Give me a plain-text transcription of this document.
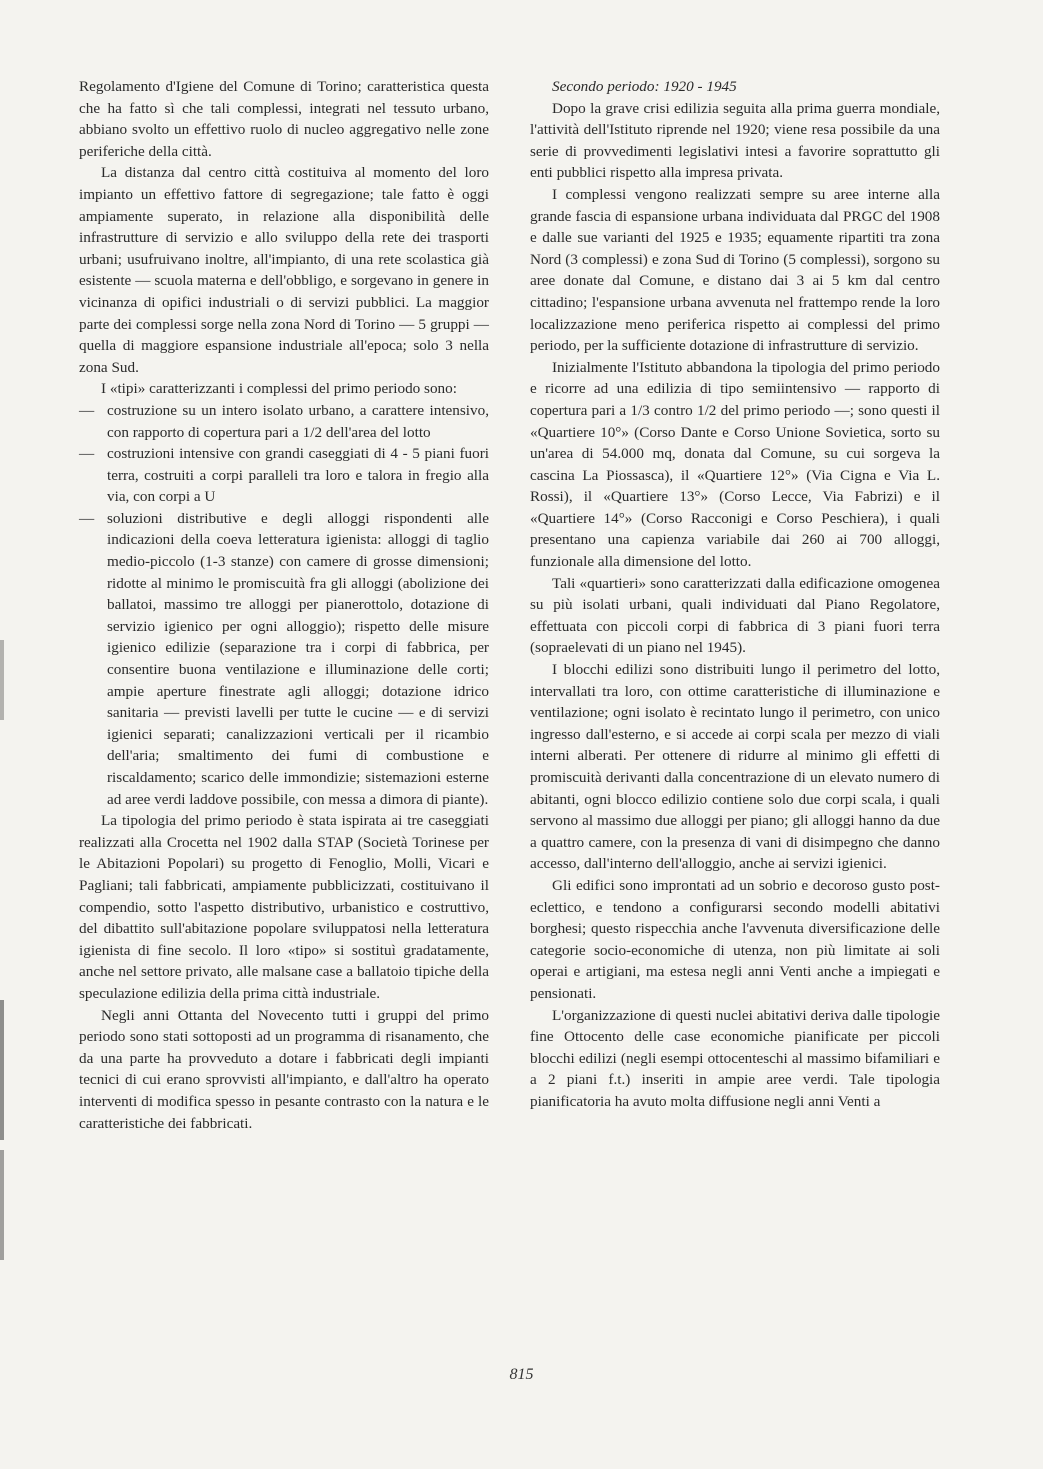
Regolamento d'Igiene del Comune di Torino; caratteristica questa che ha fatto sì che tali complessi, integrati nel tessuto urbano, abbiano svolto un effettivo ruolo di nucleo aggregativo nelle zone periferiche della città.

La distanza dal centro città costituiva al momento del loro impianto un effettivo fattore di segregazione; tale fatto è oggi ampiamente superato, in relazione alla disponibilità delle infrastrutture di servizio e allo sviluppo della rete dei trasporti urbani; usufruivano inoltre, all'impianto, di una rete scolastica già esistente — scuola materna e dell'obbligo, e sorgevano in genere in vicinanza di opifici industriali o di servizi pubblici. La maggior parte dei complessi sorge nella zona Nord di Torino — 5 gruppi — quella di maggiore espansione industriale all'epoca; solo 3 nella zona Sud.

I «tipi» caratterizzanti i complessi del primo periodo sono:

— costruzione su un intero isolato urbano, a carattere intensivo, con rapporto di copertura pari a 1/2 dell'area del lotto
— costruzioni intensive con grandi caseggiati di 4 - 5 piani fuori terra, costruiti a corpi paralleli tra loro e talora in fregio alla via, con corpi a U
— soluzioni distributive e degli alloggi rispondenti alle indicazioni della coeva letteratura igienista: alloggi di taglio medio-piccolo (1-3 stanze) con camere di grosse dimensioni; ridotte al minimo le promiscuità fra gli alloggi (abolizione dei ballatoi, massimo tre alloggi per pianerottolo, dotazione di servizio igienico per ogni alloggio); rispetto delle misure igienico edilizie (separazione tra i corpi di fabbrica, per consentire buona ventilazione e illuminazione delle corti; ampie aperture finestrate agli alloggi; dotazione idrico sanitaria — previsti lavelli per tutte le cucine — e di servizi igienici separati; canalizzazioni verticali per il ricambio dell'aria; smaltimento dei fumi di combustione e riscaldamento; scarico delle immondizie; sistemazioni esterne ad aree verdi laddove possibile, con messa a dimora di piante).

La tipologia del primo periodo è stata ispirata ai tre caseggiati realizzati alla Crocetta nel 1902 dalla STAP (Società Torinese per le Abitazioni Popolari) su progetto di Fenoglio, Molli, Vicari e Pagliani; tali fabbricati, ampiamente pubblicizzati, costituivano il compendio, sotto l'aspetto distributivo, urbanistico e costruttivo, del dibattito sull'abitazione popolare sviluppatosi nella letteratura igienista di fine secolo. Il loro «tipo» si sostituì gradatamente, anche nel settore privato, alle malsane case a ballatoio tipiche della speculazione edilizia della prima città industriale.

Negli anni Ottanta del Novecento tutti i gruppi del primo periodo sono stati sottoposti ad un programma di risanamento, che da una parte ha provveduto a dotare i fabbricati degli impianti tecnici di cui erano sprovvisti all'impianto, e dall'altro ha operato interventi di modifica spesso in pesante contrasto con la natura e le caratteristiche dei fabbricati.

Secondo periodo: 1920 - 1945

Dopo la grave crisi edilizia seguita alla prima guerra mondiale, l'attività dell'Istituto riprende nel 1920; viene resa possibile da una serie di provvedimenti legislativi intesi a favorire soprattutto gli enti pubblici rispetto alla impresa privata.

I complessi vengono realizzati sempre su aree interne alla grande fascia di espansione urbana individuata dal PRGC del 1908 e dalle sue varianti del 1925 e 1935; equamente ripartiti tra zona Nord (3 complessi) e zona Sud di Torino (5 complessi), sorgono su aree donate dal Comune, e distano dai 3 ai 5 km dal centro cittadino; l'espansione urbana avvenuta nel frattempo rende la loro localizzazione meno periferica rispetto ai complessi del primo periodo, per la sufficiente dotazione di infrastrutture di servizio.

Inizialmente l'Istituto abbandona la tipologia del primo periodo e ricorre ad una edilizia di tipo semiintensivo — rapporto di copertura pari a 1/3 contro 1/2 del primo periodo —; sono questi il «Quartiere 10°» (Corso Dante e Corso Unione Sovietica, sorto su un'area di 54.000 mq, donata dal Comune, su cui sorgeva la cascina La Piossasca), il «Quartiere 12°» (Via Cigna e Via L. Rossi), il «Quartiere 13°» (Corso Lecce, Via Fabrizi) e il «Quartiere 14°» (Corso Racconigi e Corso Peschiera), i quali presentano una capienza variabile dai 260 ai 700 alloggi, funzionale alla dimensione del lotto.

Tali «quartieri» sono caratterizzati dalla edificazione omogenea su più isolati urbani, quali individuati dal Piano Regolatore, effettuata con piccoli corpi di fabbrica di 3 piani fuori terra (sopraelevati di un piano nel 1945).

I blocchi edilizi sono distribuiti lungo il perimetro del lotto, intervallati tra loro, con ottime caratteristiche di illuminazione e ventilazione; ogni isolato è recintato lungo il perimetro, con unico ingresso dall'esterno, e si accede ai corpi scala per mezzo di viali interni alberati. Per ottenere di ridurre al minimo gli effetti di promiscuità derivanti dalla concentrazione di un elevato numero di abitanti, ogni blocco edilizio contiene solo due corpi scala, i quali servono al massimo due alloggi per piano; gli alloggi hanno da due a quattro camere, con la presenza di vani di disimpegno che danno accesso, dall'interno dell'alloggio, anche ai servizi igienici.

Gli edifici sono improntati ad un sobrio e decoroso gusto post-eclettico, e tendono a configurarsi secondo modelli abitativi borghesi; questo rispecchia anche l'avvenuta diversificazione delle categorie socio-economiche di utenza, non più limitate ai soli operai e artigiani, ma estesa negli anni Venti anche a impiegati e pensionati.

L'organizzazione di questi nuclei abitativi deriva dalle tipologie fine Ottocento delle case economiche pianificate per piccoli blocchi edilizi (negli esempi ottocenteschi al massimo bifamiliari e a 2 piani f.t.) inseriti in ampie aree verdi. Tale tipologia pianificatoria ha avuto molta diffusione negli anni Venti a

815
